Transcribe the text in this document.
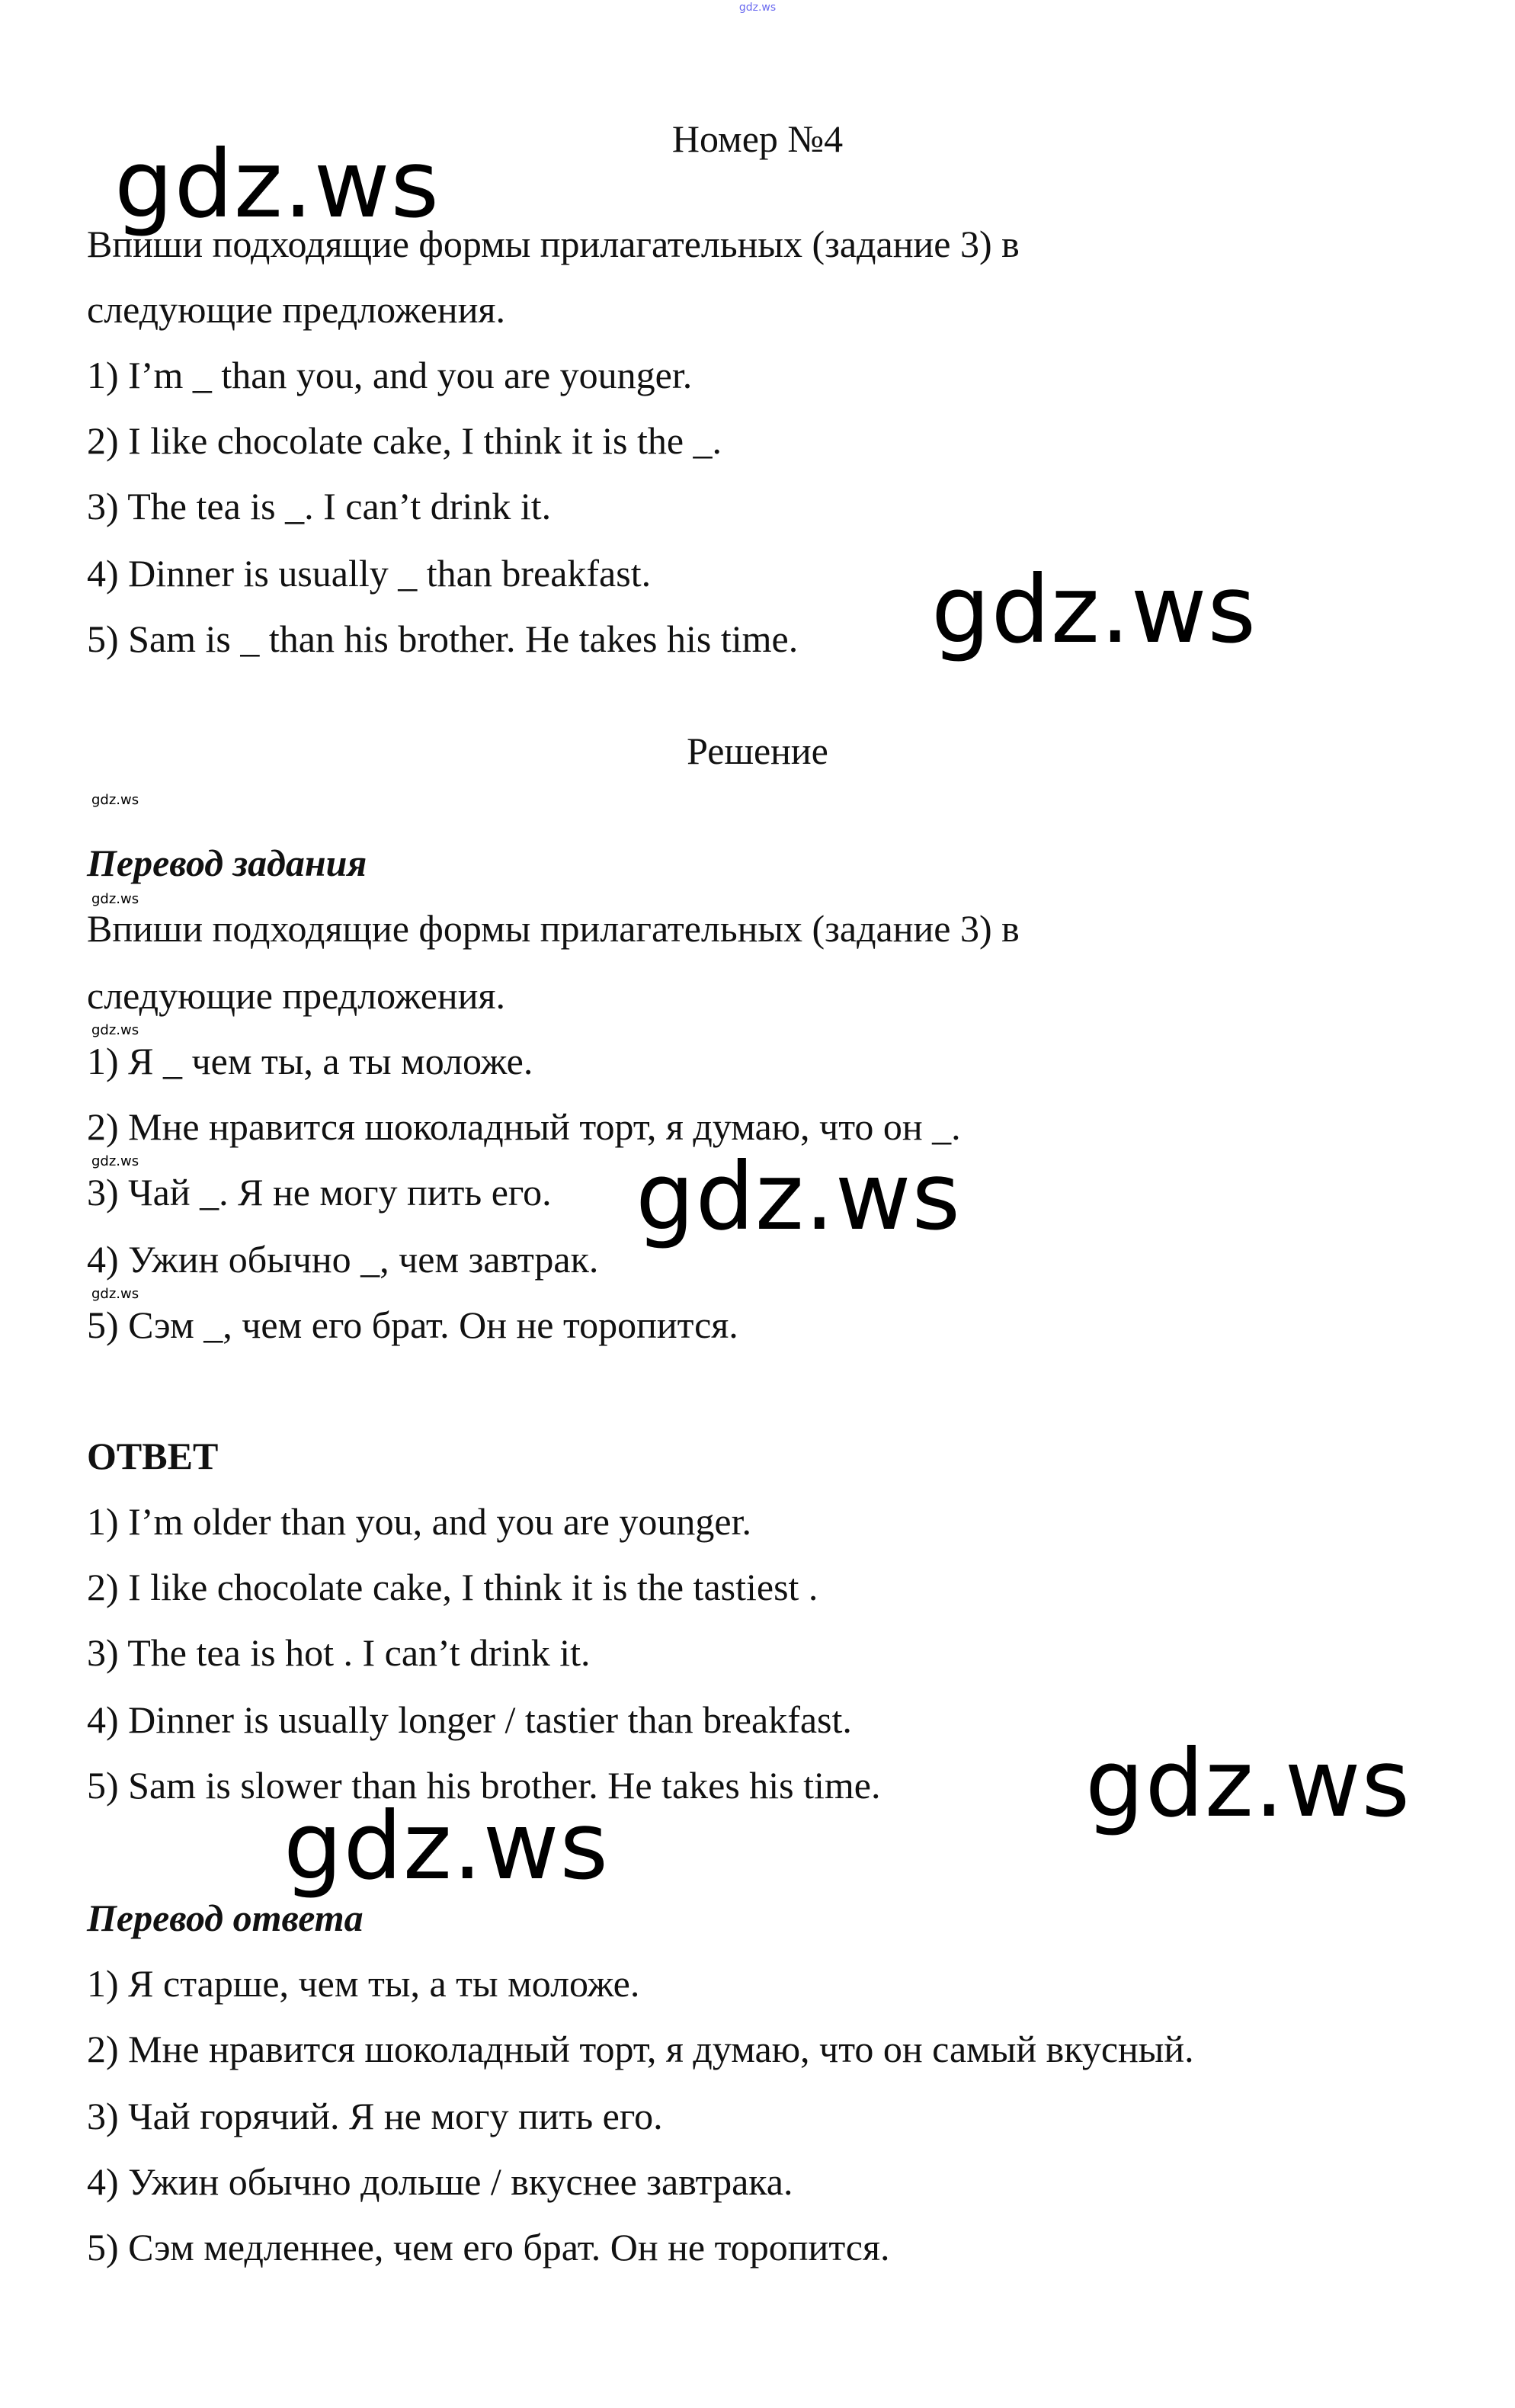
gdz.ws
Номер №4
Впиши подходящие формы прилагательных (задание 3) в
следующие предложения.
1) I’m _ than you, and you are younger.
2) I like chocolate cake, I think it is the _.
3) The tea is _. I can’t drink it.
4) Dinner is usually _ than breakfast.
5) Sam is _ than his brother. He takes his time.
Решение
gdz.ws
Перевод задания
gdz.ws
Впиши подходящие формы прилагательных (задание 3) в
следующие предложения.
gdz.ws
1) Я _ чем ты, а ты моложе.
2) Мне нравится шоколадный торт, я думаю, что он _.
gdz.ws
3) Чай _. Я не могу пить его.
4) Ужин обычно _, чем завтрак.
gdz.ws
5) Сэм _, чем его брат. Он не торопится.
ОТВЕТ
1) I’m older than you, and you are younger.
2) I like chocolate cake, I think it is the tastiest .
3) The tea is hot . I can’t drink it.
4) Dinner is usually longer / tastier than breakfast.
5) Sam is slower than his brother. He takes his time.
Перевод ответа
1) Я старше, чем ты, а ты моложе.
2) Мне нравится шоколадный торт, я думаю, что он самый вкусный.
3) Чай горячий. Я не могу пить его.
4) Ужин обычно дольше / вкуснее завтрака.
5) Сэм медленнее, чем его брат. Он не торопится.
gdz.ws
gdz.ws
gdz.ws
gdz.ws
gdz.ws
